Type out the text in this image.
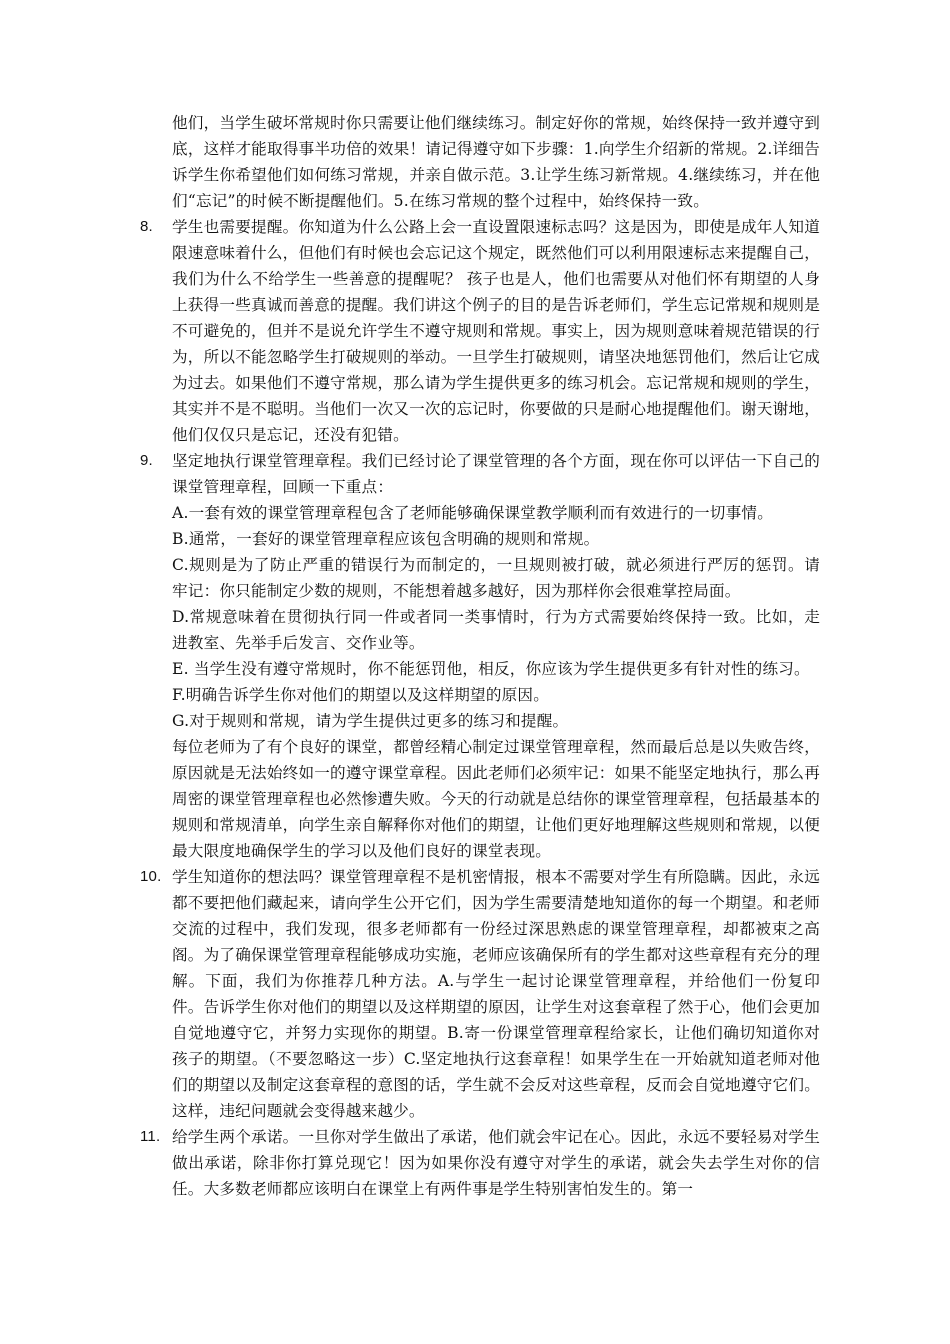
他们，当学生破坏常规时你只需要让他们继续练习。制定好你的常规，始终保持一致并遵守到底，这样才能取得事半功倍的效果！请记得遵守如下步骤：1.向学生介绍新的常规。2.详细告诉学生你希望他们如何练习常规，并亲自做示范。3.让学生练习新常规。4.继续练习，并在他们“忘记”的时候不断提醒他们。5.在练习常规的整个过程中，始终保持一致。

8.	学生也需要提醒。你知道为什么公路上会一直设置限速标志吗？这是因为，即使是成年人知道限速意味着什么，但他们有时候也会忘记这个规定，既然他们可以利用限速标志来提醒自己，我们为什么不给学生一些善意的提醒呢？ 孩子也是人，他们也需要从对他们怀有期望的人身上获得一些真诚而善意的提醒。我们讲这个例子的目的是告诉老师们，学生忘记常规和规则是不可避免的，但并不是说允许学生不遵守规则和常规。事实上，因为规则意味着规范错误的行为，所以不能忽略学生打破规则的举动。一旦学生打破规则，请坚决地惩罚他们，然后让它成为过去。如果他们不遵守常规，那么请为学生提供更多的练习机会。忘记常规和规则的学生，其实并不是不聪明。当他们一次又一次的忘记时，你要做的只是耐心地提醒他们。谢天谢地，他们仅仅只是忘记，还没有犯错。
9.	坚定地执行课堂管理章程。我们已经讨论了课堂管理的各个方面，现在你可以评估一下自己的课堂管理章程，回顾一下重点：

A.一套有效的课堂管理章程包含了老师能够确保课堂教学顺利而有效进行的一切事情。

B.通常，一套好的课堂管理章程应该包含明确的规则和常规。

C.规则是为了防止严重的错误行为而制定的，一旦规则被打破，就必须进行严厉的惩罚。请牢记：你只能制定少数的规则，不能想着越多越好，因为那样你会很难掌控局面。

D.常规意味着在贯彻执行同一件或者同一类事情时，行为方式需要始终保持一致。比如，走进教室、先举手后发言、交作业等。

E. 当学生没有遵守常规时，你不能惩罚他，相反，你应该为学生提供更多有针对性的练习。

F.明确告诉学生你对他们的期望以及这样期望的原因。

G.对于规则和常规，请为学生提供过更多的练习和提醒。

每位老师为了有个良好的课堂，都曾经精心制定过课堂管理章程，然而最后总是以失败告终，原因就是无法始终如一的遵守课堂章程。因此老师们必须牢记：如果不能坚定地执行，那么再周密的课堂管理章程也必然惨遭失败。今天的行动就是总结你的课堂管理章程，包括最基本的规则和常规清单，向学生亲自解释你对他们的期望，让他们更好地理解这些规则和常规，以便最大限度地确保学生的学习以及他们良好的课堂表现。

10. 学生知道你的想法吗？课堂管理章程不是机密情报，根本不需要对学生有所隐瞒。因此，永远都不要把他们藏起来，请向学生公开它们，因为学生需要清楚地知道你的每一个期望。和老师交流的过程中，我们发现，很多老师都有一份经过深思熟虑的课堂管理章程，却都被束之高阁。为了确保课堂管理章程能够成功实施，老师应该确保所有的学生都对这些章程有充分的理解。下面，我们为你推荐几种方法。A.与学生一起讨论课堂管理章程，并给他们一份复印件。告诉学生你对他们的期望以及这样期望的原因，让学生对这套章程了然于心，他们会更加自觉地遵守它，并努力实现你的期望。B.寄一份课堂管理章程给家长，让他们确切知道你对孩子的期望。（不要忽略这一步）C.坚定地执行这套章程！如果学生在一开始就知道老师对他们的期望以及制定这套章程的意图的话，学生就不会反对这些章程，反而会自觉地遵守它们。这样，违纪问题就会变得越来越少。
11. 给学生两个承诺。一旦你对学生做出了承诺，他们就会牢记在心。因此，永远不要轻易对学生做出承诺，除非你打算兑现它！因为如果你没有遵守对学生的承诺，就会失去学生对你的信任。大多数老师都应该明白在课堂上有两件事是学生特别害怕发生的。第一
